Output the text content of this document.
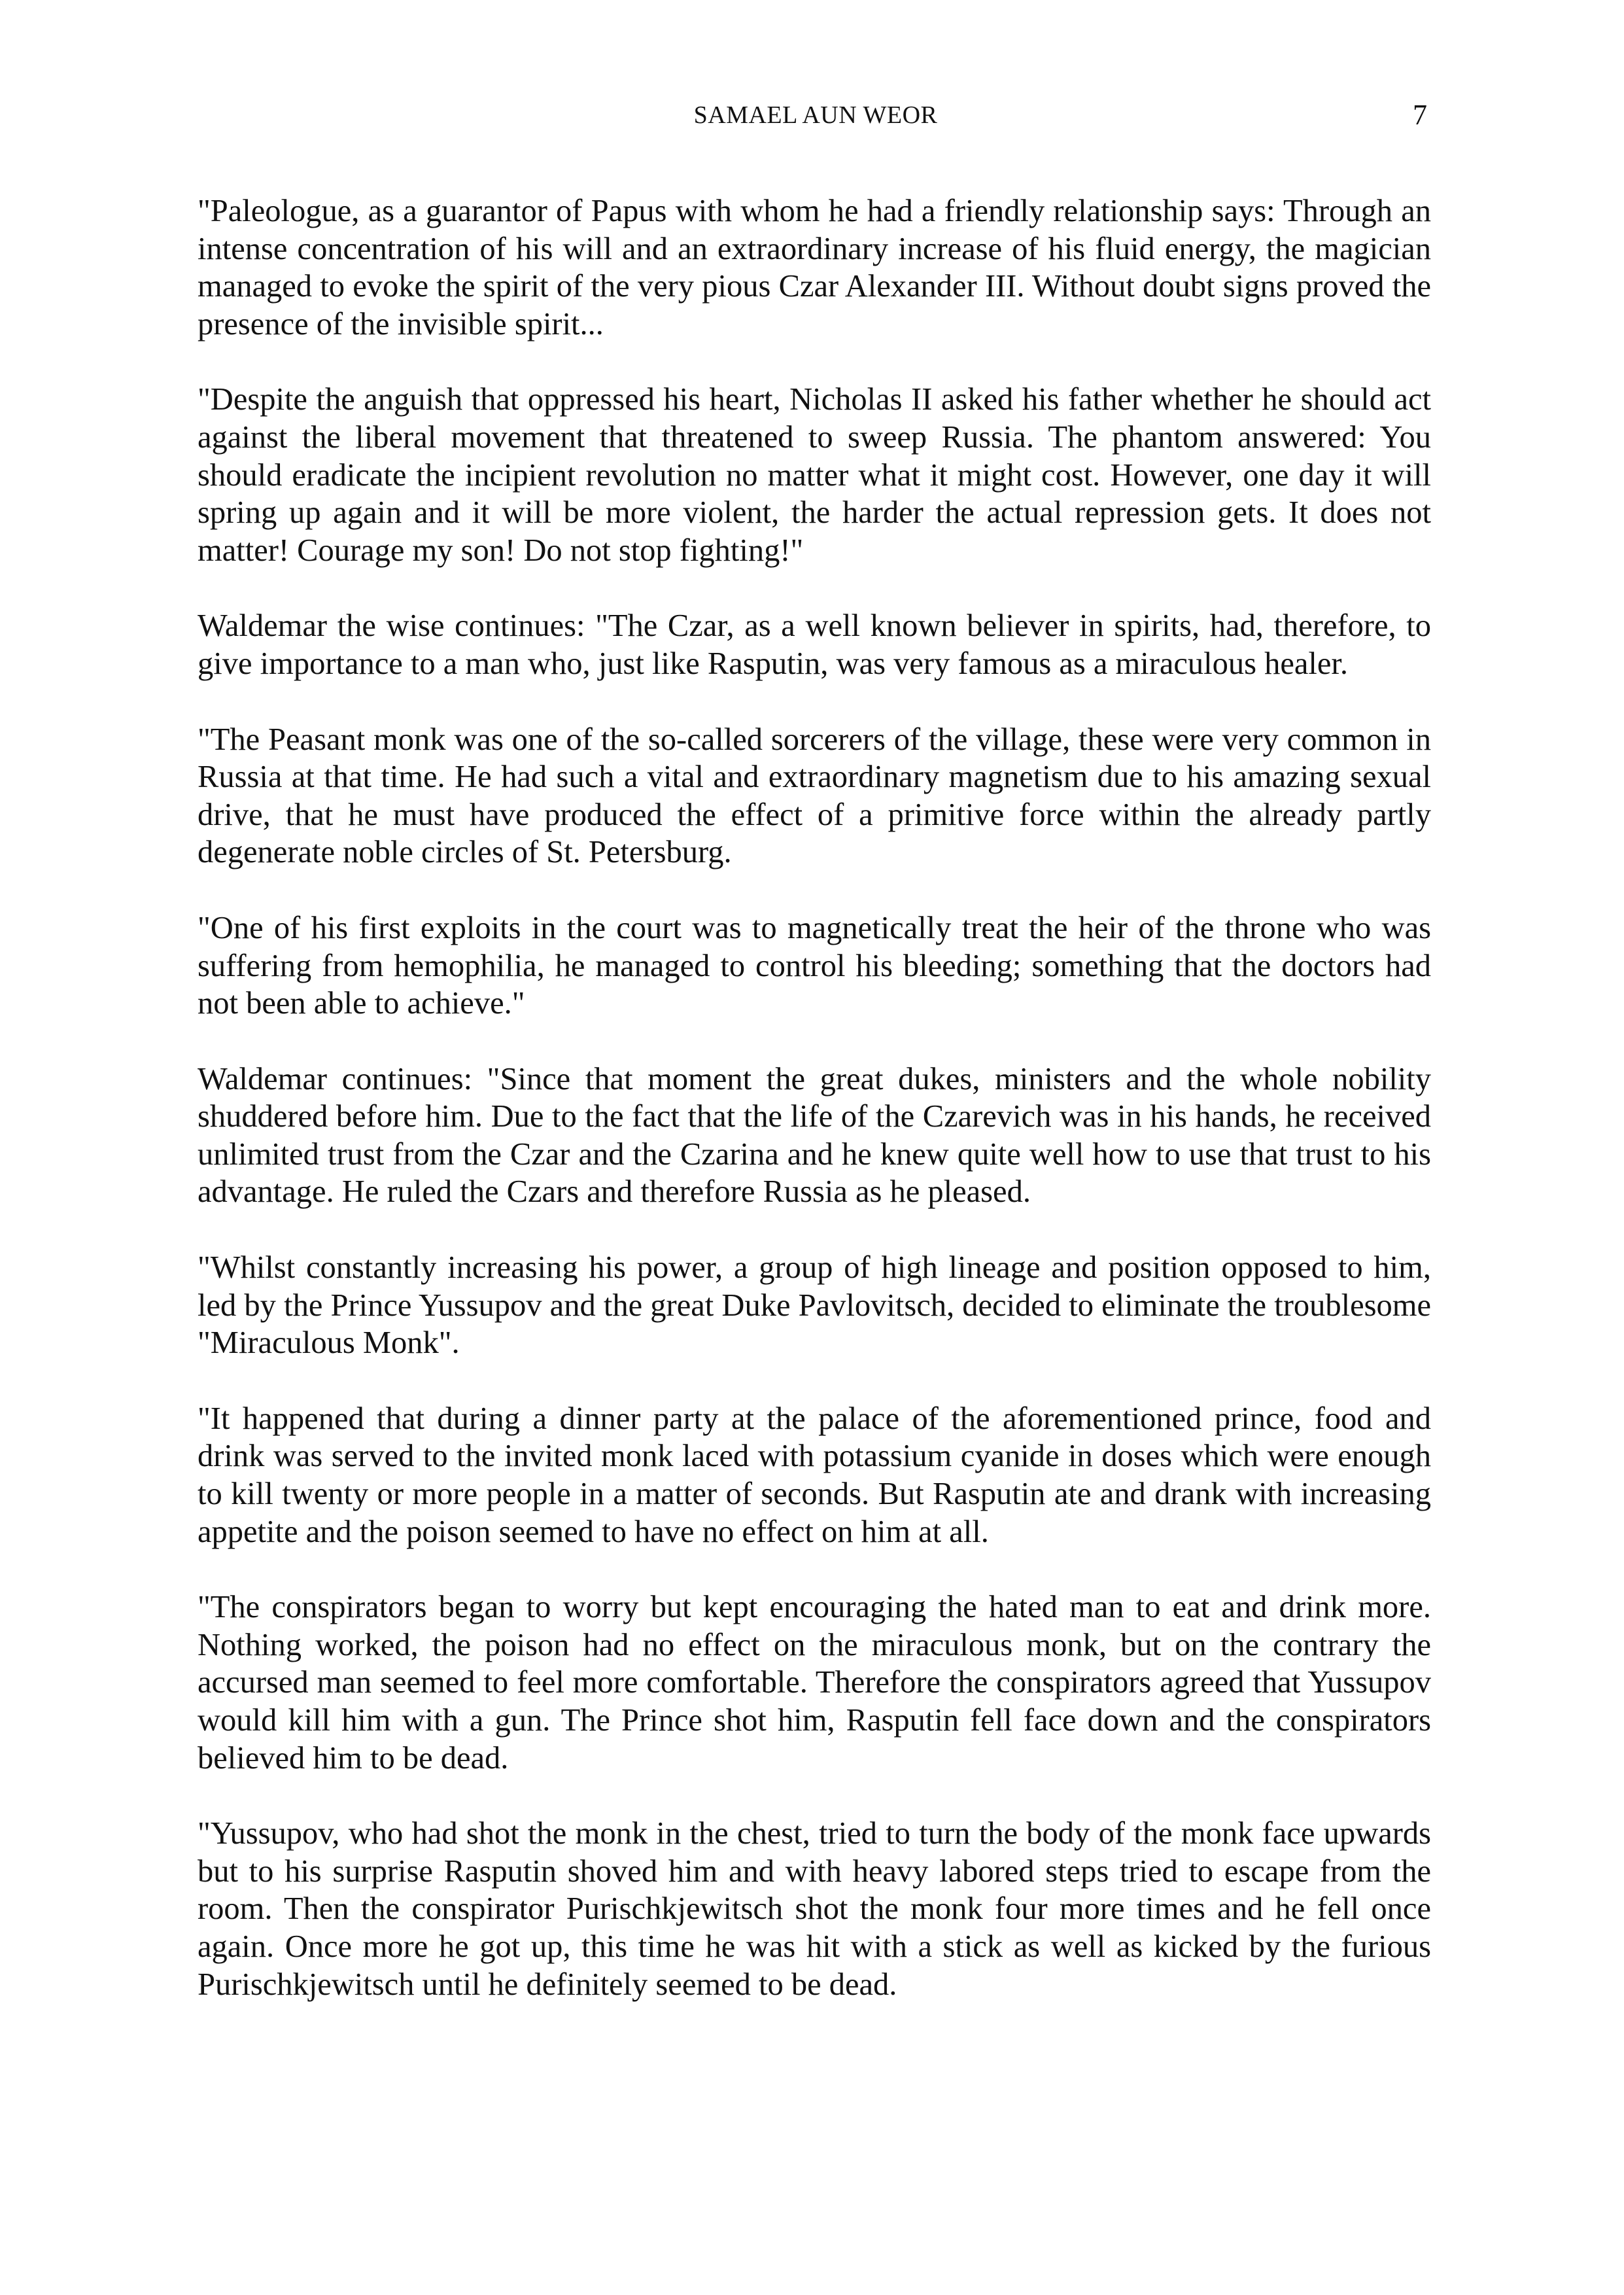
SAMAEL AUN WEOR	7

"Paleologue, as a guarantor of Papus with whom he had a friendly relationship says: Through an intense concentration of his will and an extraordinary increase of his fluid energy, the magician managed to evoke the spirit of the very pious Czar Alexander III. Without doubt signs proved the presence of the invisible spirit...

"Despite the anguish that oppressed his heart, Nicholas II asked his father whether he should act against the liberal movement that threatened to sweep Russia. The phantom answered: You should eradicate the incipient revolution no matter what it might cost. However, one day it will spring up again and it will be more violent, the harder the actual repression gets. It does not matter! Courage my son! Do not stop fighting!"

Waldemar the wise continues: "The Czar, as a well known believer in spirits, had, therefore, to give importance to a man who, just like Rasputin, was very famous as a miraculous healer.

"The Peasant monk was one of the so-called sorcerers of the village, these were very common in Russia at that time. He had such a vital and extraordinary magnetism due to his amazing sexual drive, that he must have produced the effect of a primitive force within the already partly degenerate noble circles of St. Petersburg.

"One of his first exploits in the court was to magnetically treat the heir of the throne who was suffering from hemophilia, he managed to control his bleeding; something that the doctors had not been able to achieve."

Waldemar continues: "Since that moment the great dukes, ministers and the whole nobility shuddered before him. Due to the fact that the life of the Czarevich was in his hands, he received unlimited trust from the Czar and the Czarina and he knew quite well how to use that trust to his advantage. He ruled the Czars and therefore Russia as he pleased.

"Whilst constantly increasing his power, a group of high lineage and position opposed to him, led by the Prince Yussupov and the great Duke Pavlovitsch, decided to eliminate the troublesome "Miraculous Monk".

"It happened that during a dinner party at the palace of the aforementioned prince, food and drink was served to the invited monk laced with potassium cyanide in doses which were enough to kill twenty or more people in a matter of seconds. But Rasputin ate and drank with increasing appetite and the poison seemed to have no effect on him at all.

"The conspirators began to worry but kept encouraging the hated man to eat and drink more. Nothing worked, the poison had no effect on the miraculous monk, but on the contrary the accursed man seemed to feel more comfortable. Therefore the conspirators agreed that Yussupov would kill him with a gun. The Prince shot him, Rasputin fell face down and the conspirators believed him to be dead.

"Yussupov, who had shot the monk in the chest, tried to turn the body of the monk face upwards but to his surprise Rasputin shoved him and with heavy labored steps tried to escape from the room. Then the conspirator Purischkjewitsch shot the monk four more times and he fell once again. Once more he got up, this time he was hit with a stick as well as kicked by the furious Purischkjewitsch until he definitely seemed to be dead.
